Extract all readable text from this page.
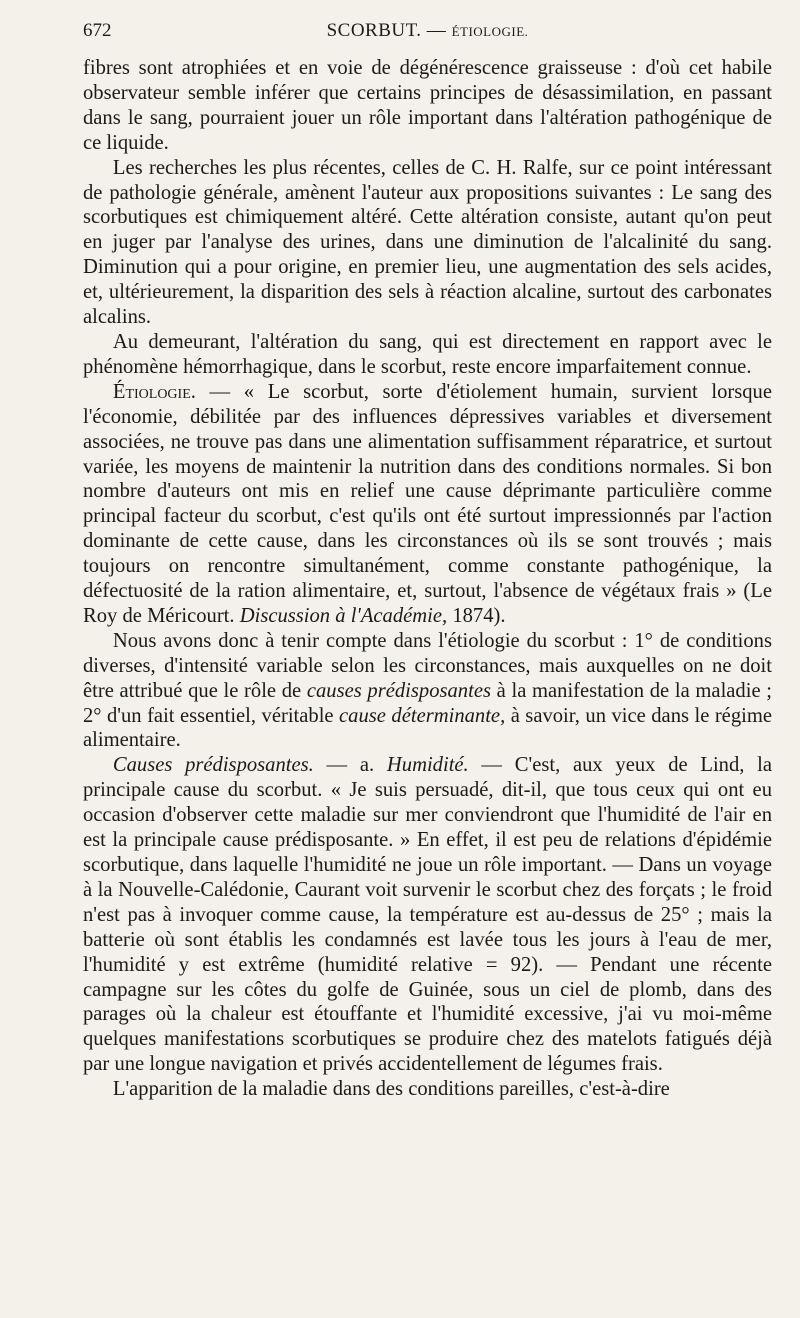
672	SCORBUT. — ÉTIOLOGIE.

fibres sont atrophiées et en voie de dégénérescence graisseuse : d'où cet habile observateur semble inférer que certains principes de désassimilation, en passant dans le sang, pourraient jouer un rôle important dans l'altération pathogénique de ce liquide.

Les recherches les plus récentes, celles de C. H. Ralfe, sur ce point intéressant de pathologie générale, amènent l'auteur aux propositions suivantes : Le sang des scorbutiques est chimiquement altéré. Cette altération consiste, autant qu'on peut en juger par l'analyse des urines, dans une diminution de l'alcalinité du sang. Diminution qui a pour origine, en premier lieu, une augmentation des sels acides, et, ultérieurement, la disparition des sels à réaction alcaline, surtout des carbonates alcalins.

Au demeurant, l'altération du sang, qui est directement en rapport avec le phénomène hémorrhagique, dans le scorbut, reste encore imparfaitement connue.

Étiologie. — « Le scorbut, sorte d'étiolement humain, survient lorsque l'économie, débilitée par des influences dépressives variables et diversement associées, ne trouve pas dans une alimentation suffisamment réparatrice, et surtout variée, les moyens de maintenir la nutrition dans des conditions normales. Si bon nombre d'auteurs ont mis en relief une cause déprimante particulière comme principal facteur du scorbut, c'est qu'ils ont été surtout impressionnés par l'action dominante de cette cause, dans les circonstances où ils se sont trouvés ; mais toujours on rencontre simultanément, comme constante pathogénique, la défectuosité de la ration alimentaire, et, surtout, l'absence de végétaux frais » (Le Roy de Méricourt. Discussion à l'Académie, 1874).

Nous avons donc à tenir compte dans l'étiologie du scorbut : 1° de conditions diverses, d'intensité variable selon les circonstances, mais auxquelles on ne doit être attribué que le rôle de causes prédisposantes à la manifestation de la maladie ; 2° d'un fait essentiel, véritable cause déterminante, à savoir, un vice dans le régime alimentaire.

Causes prédisposantes. — a. Humidité. — C'est, aux yeux de Lind, la principale cause du scorbut. « Je suis persuadé, dit-il, que tous ceux qui ont eu occasion d'observer cette maladie sur mer conviendront que l'humidité de l'air en est la principale cause prédisposante. » En effet, il est peu de relations d'épidémie scorbutique, dans laquelle l'humidité ne joue un rôle important. — Dans un voyage à la Nouvelle-Calédonie, Caurant voit survenir le scorbut chez des forçats ; le froid n'est pas à invoquer comme cause, la température est au-dessus de 25° ; mais la batterie où sont établis les condamnés est lavée tous les jours à l'eau de mer, l'humidité y est extrême (humidité relative = 92). — Pendant une récente campagne sur les côtes du golfe de Guinée, sous un ciel de plomb, dans des parages où la chaleur est étouffante et l'humidité excessive, j'ai vu moi-même quelques manifestations scorbutiques se produire chez des matelots fatigués déjà par une longue navigation et privés accidentellement de légumes frais.

L'apparition de la maladie dans des conditions pareilles, c'est-à-dire
